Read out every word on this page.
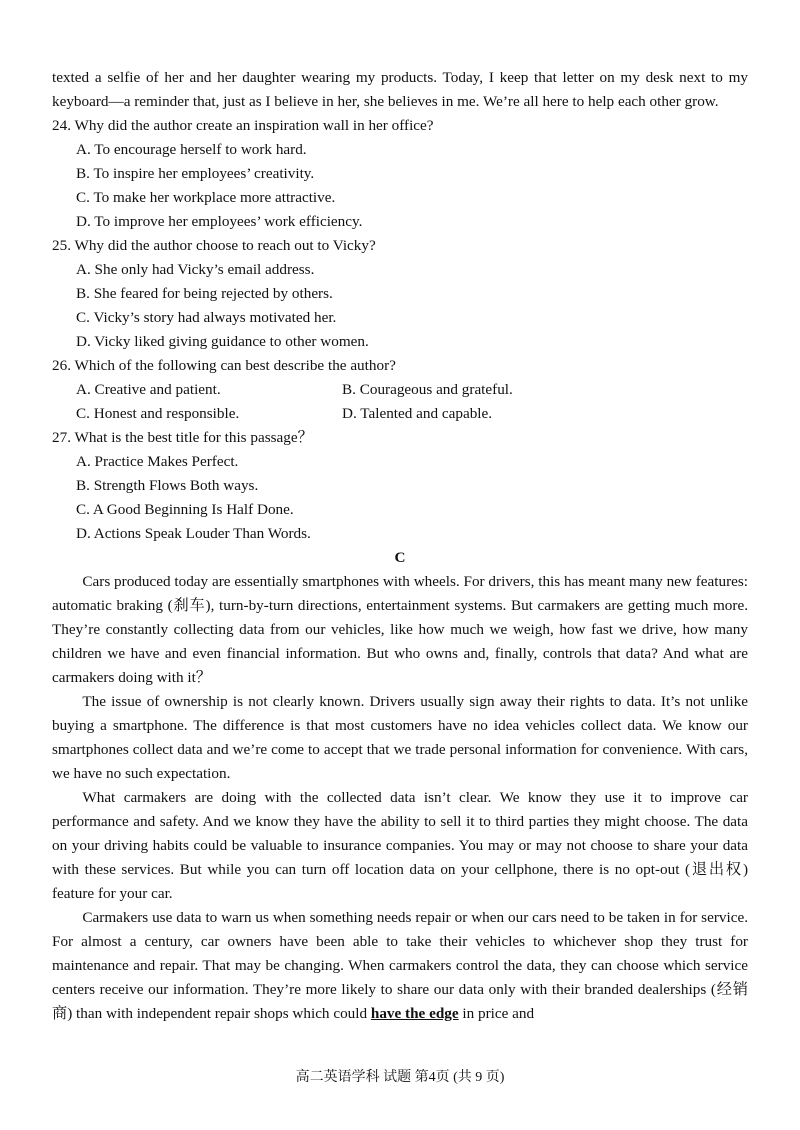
texted a selfie of her and her daughter wearing my products. Today, I keep that letter on my desk next to my keyboard—a reminder that, just as I believe in her, she believes in me. We’re all here to help each other grow.

24. Why did the author create an inspiration wall in her office?
A. To encourage herself to work hard.
B. To inspire her employees’ creativity.
C. To make her workplace more attractive.
D. To improve her employees’ work efficiency.
25. Why did the author choose to reach out to Vicky?
A. She only had Vicky’s email address.
B. She feared for being rejected by others.
C. Vicky’s story had always motivated her.
D. Vicky liked giving guidance to other women.
26. Which of the following can best describe the author?
A. Creative and patient.	B. Courageous and grateful.
C. Honest and responsible.	D. Talented and capable.
27. What is the best title for this passage？
A. Practice Makes Perfect.
B. Strength Flows Both ways.
C. A Good Beginning Is Half Done.
D. Actions Speak Louder Than Words.
C

Cars produced today are essentially smartphones with wheels. For drivers, this has meant many new features: automatic braking (刹车), turn-by-turn directions, entertainment systems. But carmakers are getting much more. They’re constantly collecting data from our vehicles, like how much we weigh, how fast we drive, how many children we have and even financial information. But who owns and, finally, controls that data? And what are carmakers doing with it？

The issue of ownership is not clearly known. Drivers usually sign away their rights to data. It’s not unlike buying a smartphone. The difference is that most customers have no idea vehicles collect data. We know our smartphones collect data and we’re come to accept that we trade personal information for convenience. With cars, we have no such expectation.

What carmakers are doing with the collected data isn’t clear. We know they use it to improve car performance and safety. And we know they have the ability to sell it to third parties they might choose. The data on your driving habits could be valuable to insurance companies. You may or may not choose to share your data with these services. But while you can turn off location data on your cellphone, there is no opt-out (退出权) feature for your car.

Carmakers use data to warn us when something needs repair or when our cars need to be taken in for service. For almost a century, car owners have been able to take their vehicles to whichever shop they trust for maintenance and repair. That may be changing. When carmakers control the data, they can choose which service centers receive our information. They’re more likely to share our data only with their branded dealerships (经销商) than with independent repair shops which could have the edge in price and

高二英语学科 试题 第4页 (共 9 页)
